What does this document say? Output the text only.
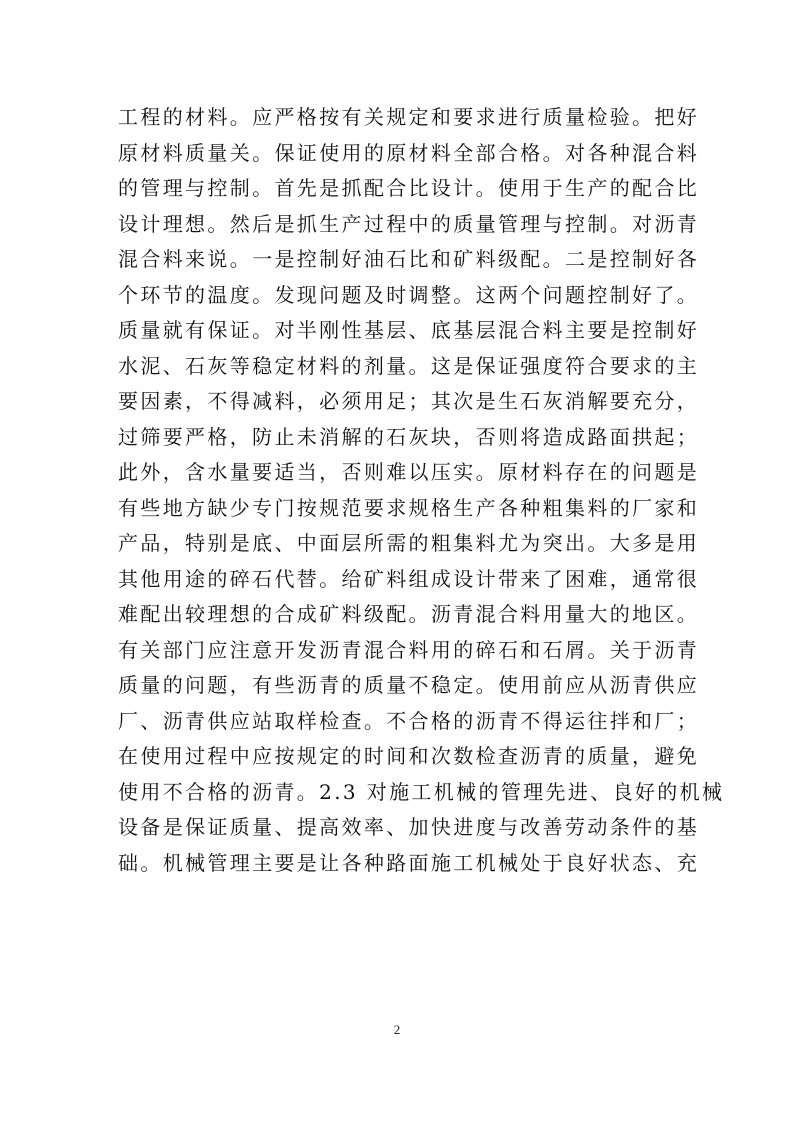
工程的材料。应严格按有关规定和要求进行质量检验。把好
原材料质量关。保证使用的原材料全部合格。对各种混合料
的管理与控制。首先是抓配合比设计。使用于生产的配合比
设计理想。然后是抓生产过程中的质量管理与控制。对沥青
混合料来说。一是控制好油石比和矿料级配。二是控制好各
个环节的温度。发现问题及时调整。这两个问题控制好了。
质量就有保证。对半刚性基层、底基层混合料主要是控制好
水泥、石灰等稳定材料的剂量。这是保证强度符合要求的主
要因素，不得减料，必须用足；其次是生石灰消解要充分，
过筛要严格，防止未消解的石灰块，否则将造成路面拱起；
此外，含水量要适当，否则难以压实。原材料存在的问题是
有些地方缺少专门按规范要求规格生产各种粗集料的厂家和
产品，特别是底、中面层所需的粗集料尤为突出。大多是用
其他用途的碎石代替。给矿料组成设计带来了困难，通常很
难配出较理想的合成矿料级配。沥青混合料用量大的地区。
有关部门应注意开发沥青混合料用的碎石和石屑。关于沥青
质量的问题，有些沥青的质量不稳定。使用前应从沥青供应
厂、沥青供应站取样检查。不合格的沥青不得运往拌和厂；
在使用过程中应按规定的时间和次数检查沥青的质量，避免
使用不合格的沥青。2.3 对施工机械的管理先进、良好的机械
设备是保证质量、提高效率、加快进度与改善劳动条件的基
础。机械管理主要是让各种路面施工机械处于良好状态、充
2
